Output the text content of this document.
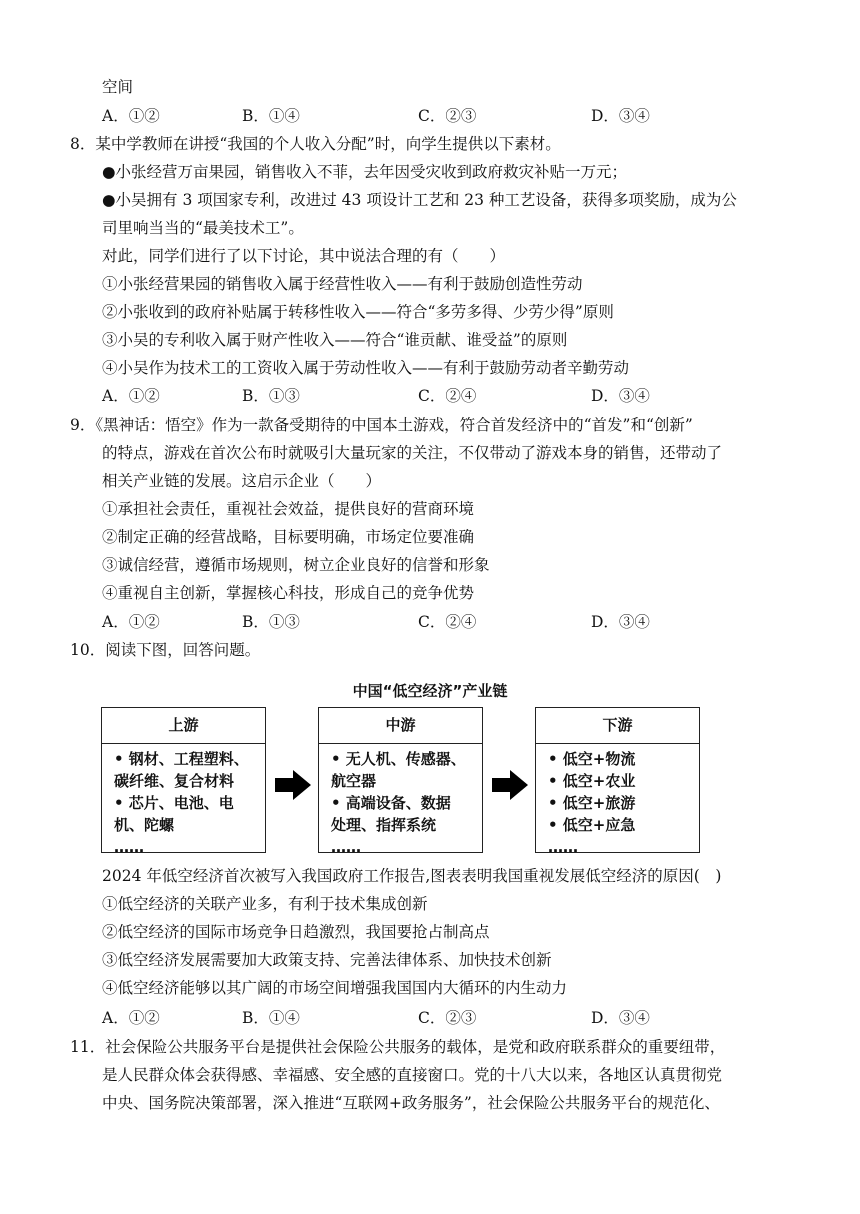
空间
A．①②	B．①④	C．②③	D．③④
8．某中学教师在讲授“我国的个人收入分配”时，向学生提供以下素材。
●小张经营万亩果园，销售收入不菲，去年因受灾收到政府救灾补贴一万元；
●小吴拥有 3 项国家专利，改进过 43 项设计工艺和 23 种工艺设备，获得多项奖励，成为公
司里响当当的“最美技术工”。
对此，同学们进行了以下讨论，其中说法合理的有（　　）
①小张经营果园的销售收入属于经营性收入——有利于鼓励创造性劳动
②小张收到的政府补贴属于转移性收入——符合“多劳多得、少劳少得”原则
③小吴的专利收入属于财产性收入——符合“谁贡献、谁受益”的原则
④小吴作为技术工的工资收入属于劳动性收入——有利于鼓励劳动者辛勤劳动
A．①②	B．①③	C．②④	D．③④
9．《黑神话：悟空》作为一款备受期待的中国本土游戏，符合首发经济中的“首发”和“创新”
的特点，游戏在首次公布时就吸引大量玩家的关注，不仅带动了游戏本身的销售，还带动了
相关产业链的发展。这启示企业（　　）
①承担社会责任，重视社会效益，提供良好的营商环境
②制定正确的经营战略，目标要明确，市场定位要准确
③诚信经营，遵循市场规则，树立企业良好的信誉和形象
④重视自主创新，掌握核心科技，形成自己的竞争优势
A．①②	B．①③	C．②④	D．③④
10．阅读下图，回答问题。
中国“低空经济”产业链
上游
• 钢材、工程塑料、
碳纤维、复合材料
• 芯片、电池、电
机、陀螺
……
中游
• 无人机、传感器、
航空器
• 高端设备、数据
处理、指挥系统
……
下游
• 低空+物流
• 低空+农业
• 低空+旅游
• 低空+应急
……
2024 年低空经济首次被写入我国政府工作报告,图表表明我国重视发展低空经济的原因(　)
①低空经济的关联产业多，有利于技术集成创新
②低空经济的国际市场竞争日趋激烈，我国要抢占制高点
③低空经济发展需要加大政策支持、完善法律体系、加快技术创新
④低空经济能够以其广阔的市场空间增强我国国内大循环的内生动力
A．①②	B．①④	C．②③	D．③④
11．社会保险公共服务平台是提供社会保险公共服务的载体，是党和政府联系群众的重要纽带，
是人民群众体会获得感、幸福感、安全感的直接窗口。党的十八大以来，各地区认真贯彻党
中央、国务院决策部署，深入推进“互联网+政务服务”，社会保险公共服务平台的规范化、
